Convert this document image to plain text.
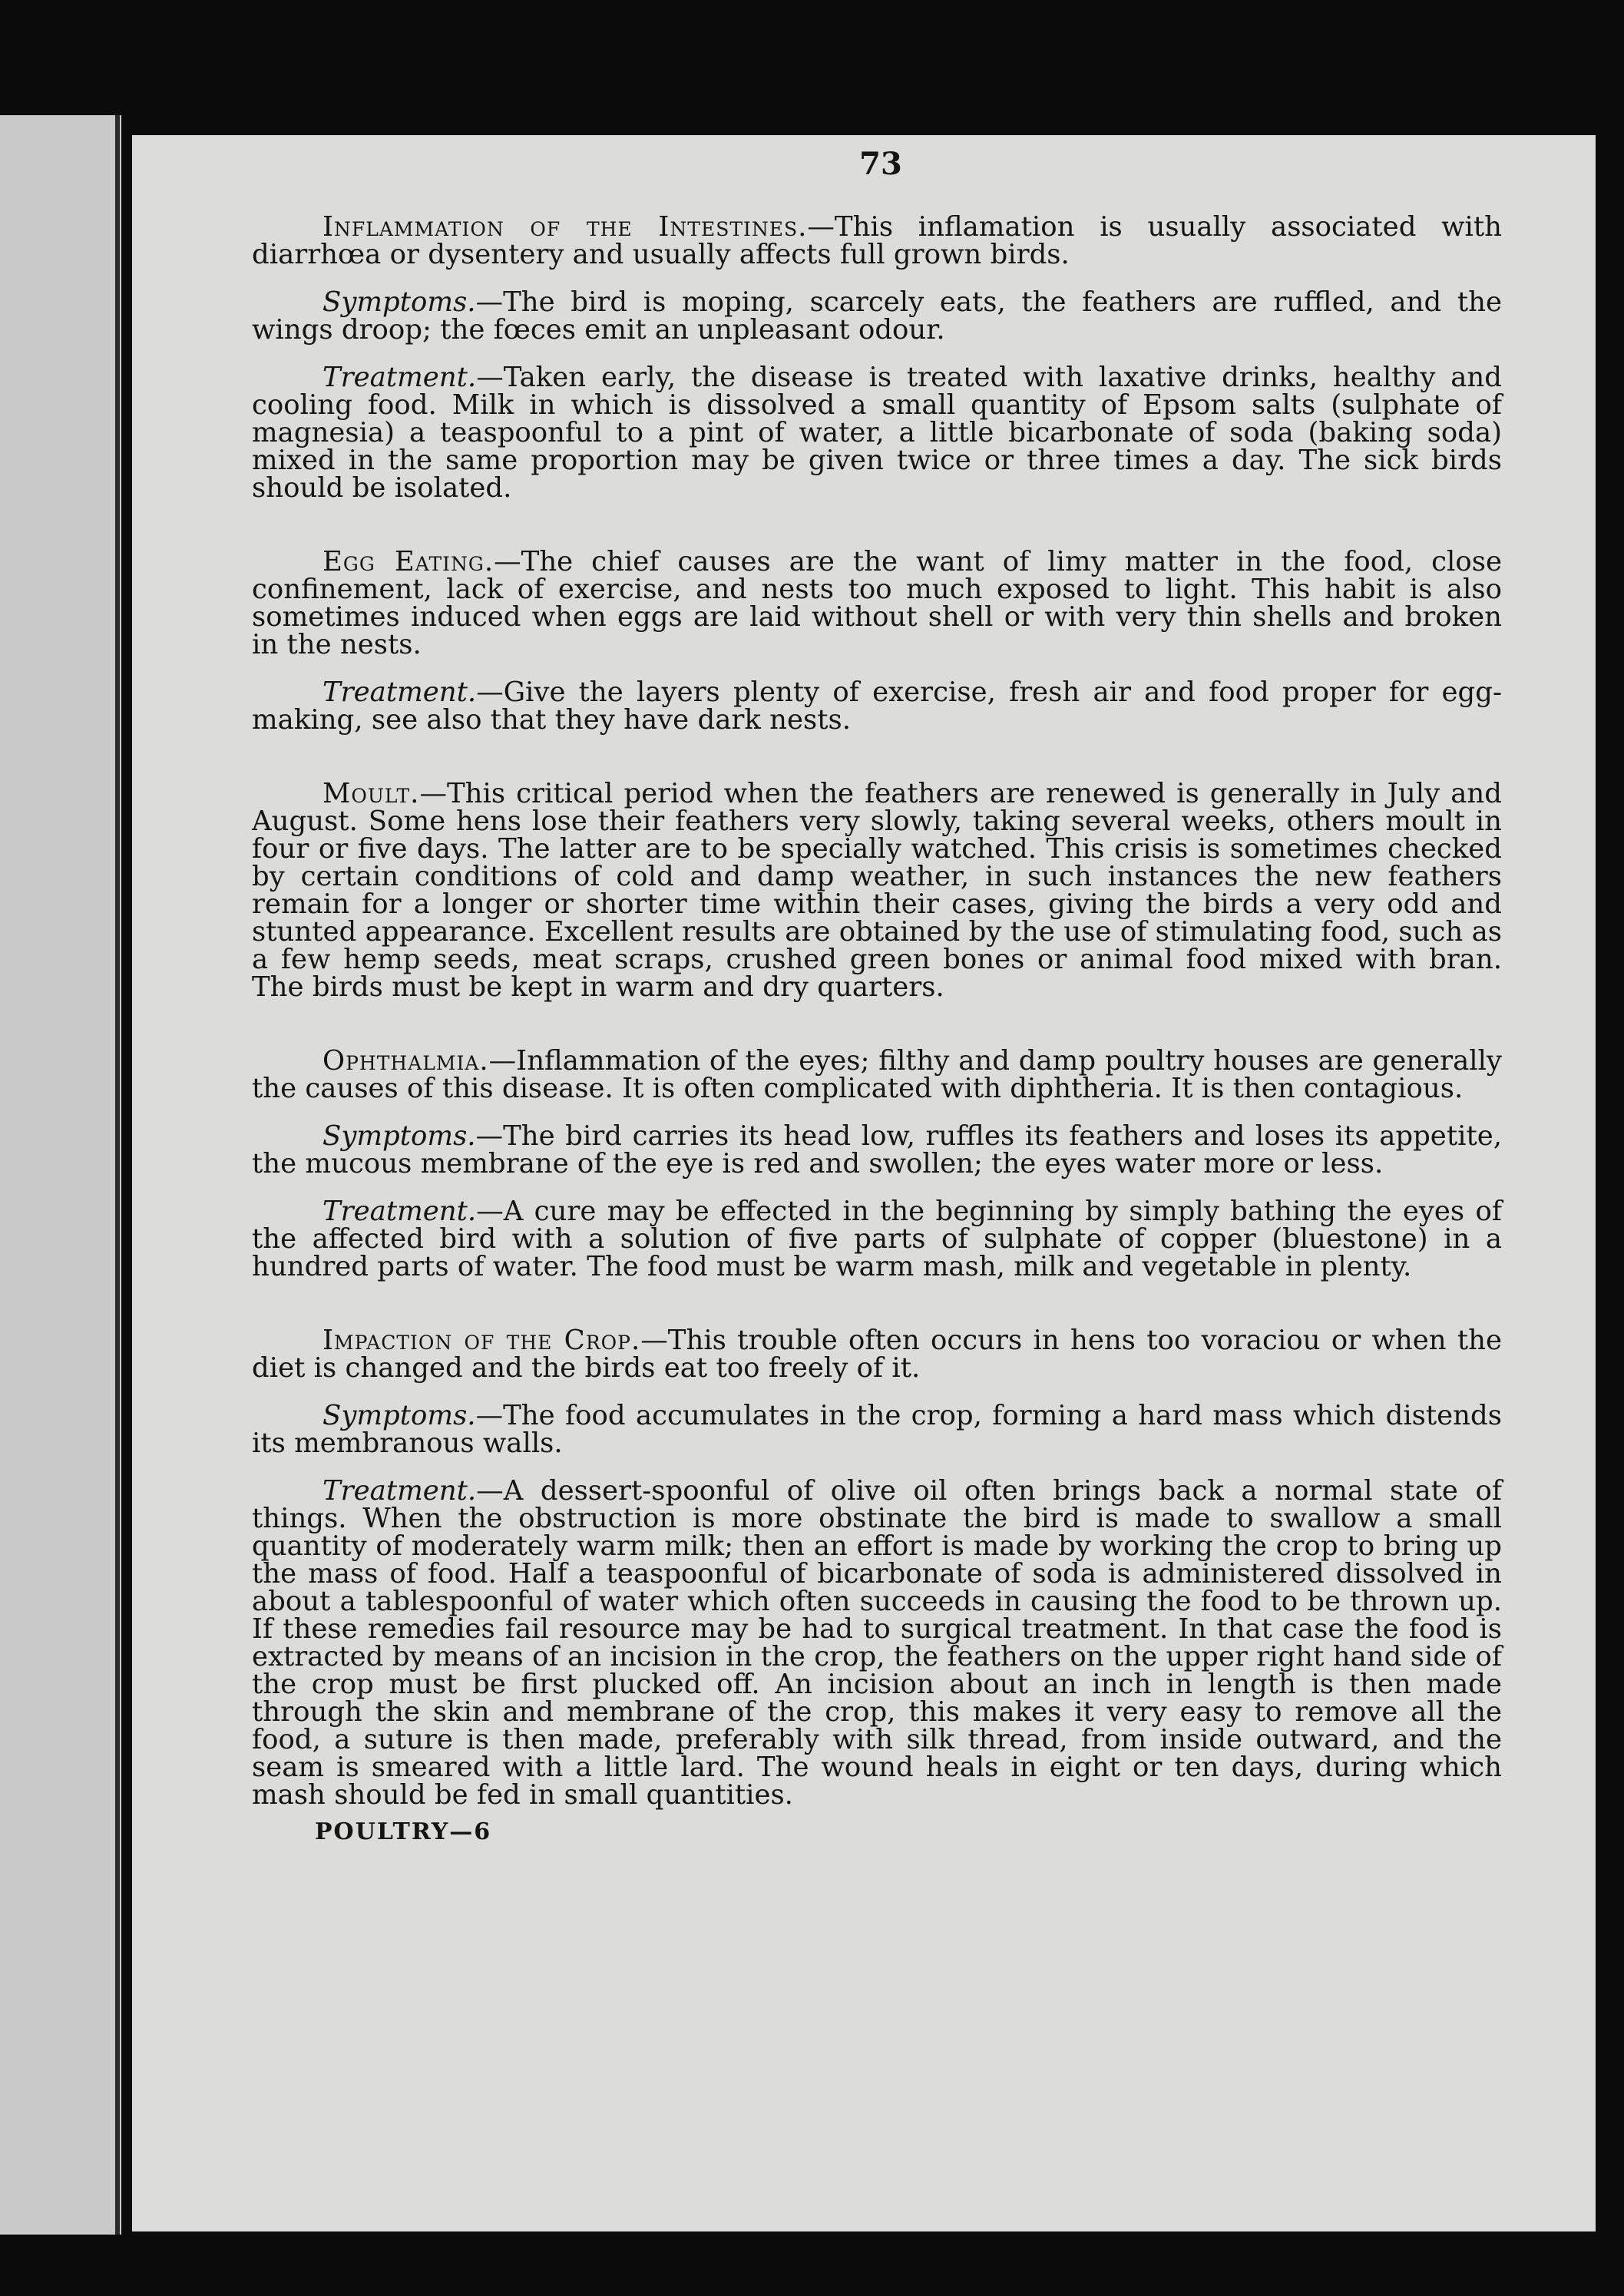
73

Inflammation of the Intestines.—This inflamation is usually associated with diarrhœa or dysentery and usually affects full grown birds.

Symptoms.—The bird is moping, scarcely eats, the feathers are ruffled, and the wings droop; the fœces emit an unpleasant odour.

Treatment.—Taken early, the disease is treated with laxative drinks, healthy and cooling food. Milk in which is dissolved a small quantity of Epsom salts (sulphate of magnesia) a teaspoonful to a pint of water, a little bicarbonate of soda (baking soda) mixed in the same proportion may be given twice or three times a day. The sick birds should be isolated.

Egg Eating.—The chief causes are the want of limy matter in the food, close confinement, lack of exercise, and nests too much exposed to light. This habit is also sometimes induced when eggs are laid without shell or with very thin shells and broken in the nests.

Treatment.—Give the layers plenty of exercise, fresh air and food proper for egg-making, see also that they have dark nests.

Moult.—This critical period when the feathers are renewed is generally in July and August. Some hens lose their feathers very slowly, taking several weeks, others moult in four or five days. The latter are to be specially watched. This crisis is sometimes checked by certain conditions of cold and damp weather, in such instances the new feathers remain for a longer or shorter time within their cases, giving the birds a very odd and stunted appearance. Excellent results are obtained by the use of stimulating food, such as a few hemp seeds, meat scraps, crushed green bones or animal food mixed with bran. The birds must be kept in warm and dry quarters.

Ophthalmia.—Inflammation of the eyes; filthy and damp poultry houses are generally the causes of this disease. It is often complicated with diphtheria. It is then contagious.

Symptoms.—The bird carries its head low, ruffles its feathers and loses its appetite, the mucous membrane of the eye is red and swollen; the eyes water more or less.

Treatment.—A cure may be effected in the beginning by simply bathing the eyes of the affected bird with a solution of five parts of sulphate of copper (bluestone) in a hundred parts of water. The food must be warm mash, milk and vegetable in plenty.

Impaction of the Crop.—This trouble often occurs in hens too voraciou or when the diet is changed and the birds eat too freely of it.

Symptoms.—The food accumulates in the crop, forming a hard mass which distends its membranous walls.

Treatment.—A dessert-spoonful of olive oil often brings back a normal state of things. When the obstruction is more obstinate the bird is made to swallow a small quantity of moderately warm milk; then an effort is made by working the crop to bring up the mass of food. Half a teaspoonful of bicarbonate of soda is administered dissolved in about a tablespoonful of water which often succeeds in causing the food to be thrown up. If these remedies fail resource may be had to surgical treatment. In that case the food is extracted by means of an incision in the crop, the feathers on the upper right hand side of the crop must be first plucked off. An incision about an inch in length is then made through the skin and membrane of the crop, this makes it very easy to remove all the food, a suture is then made, preferably with silk thread, from inside outward, and the seam is smeared with a little lard. The wound heals in eight or ten days, during which mash should be fed in small quantities.

POULTRY—6
